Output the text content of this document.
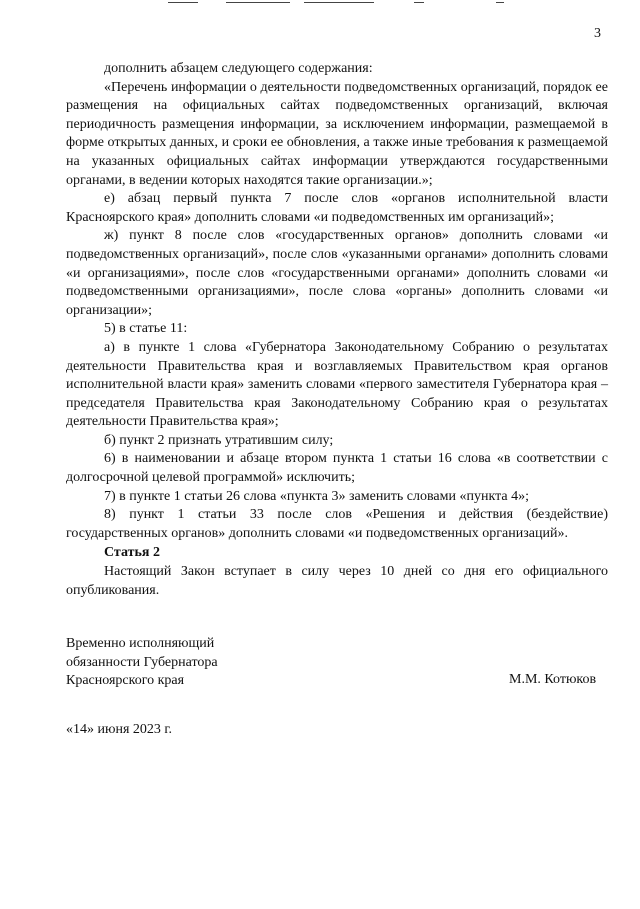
3

дополнить абзацем следующего содержания:

«Перечень информации о деятельности подведомственных организаций, порядок ее размещения на официальных сайтах подведомственных организаций, включая периодичность размещения информации, за исключением информации, размещаемой в форме открытых данных, и сроки ее обновления, а также иные требования к размещаемой на указанных официальных сайтах информации утверждаются государственными органами, в ведении которых находятся такие организации.»;

е) абзац первый пункта 7 после слов «органов исполнительной власти Красноярского края» дополнить словами «и подведомственных им организаций»;

ж) пункт 8 после слов «государственных органов» дополнить словами «и подведомственных организаций», после слов «указанными органами» дополнить словами «и организациями», после слов «государственными органами» дополнить словами «и подведомственными организациями», после слова «органы» дополнить словами «и организации»;

5) в статье 11:

а) в пункте 1 слова «Губернатора Законодательному Собранию о результатах деятельности Правительства края и возглавляемых Правительством края органов исполнительной власти края» заменить словами «первого заместителя Губернатора края – председателя Правительства края Законодательному Собранию края о результатах деятельности Правительства края»;

б) пункт 2 признать утратившим силу;

6) в наименовании и абзаце втором пункта 1 статьи 16 слова «в соответствии с долгосрочной целевой программой» исключить;

7) в пункте 1 статьи 26 слова «пункта 3» заменить словами «пункта 4»;

8) пункт 1 статьи 33 после слов «Решения и действия (бездействие) государственных органов» дополнить словами «и подведомственных организаций».

Статья 2
Настоящий Закон вступает в силу через 10 дней со дня его официального опубликования.
Временно исполняющий
обязанности Губернатора
Красноярского края	М.М. Котюков
«14» июня 2023 г.
